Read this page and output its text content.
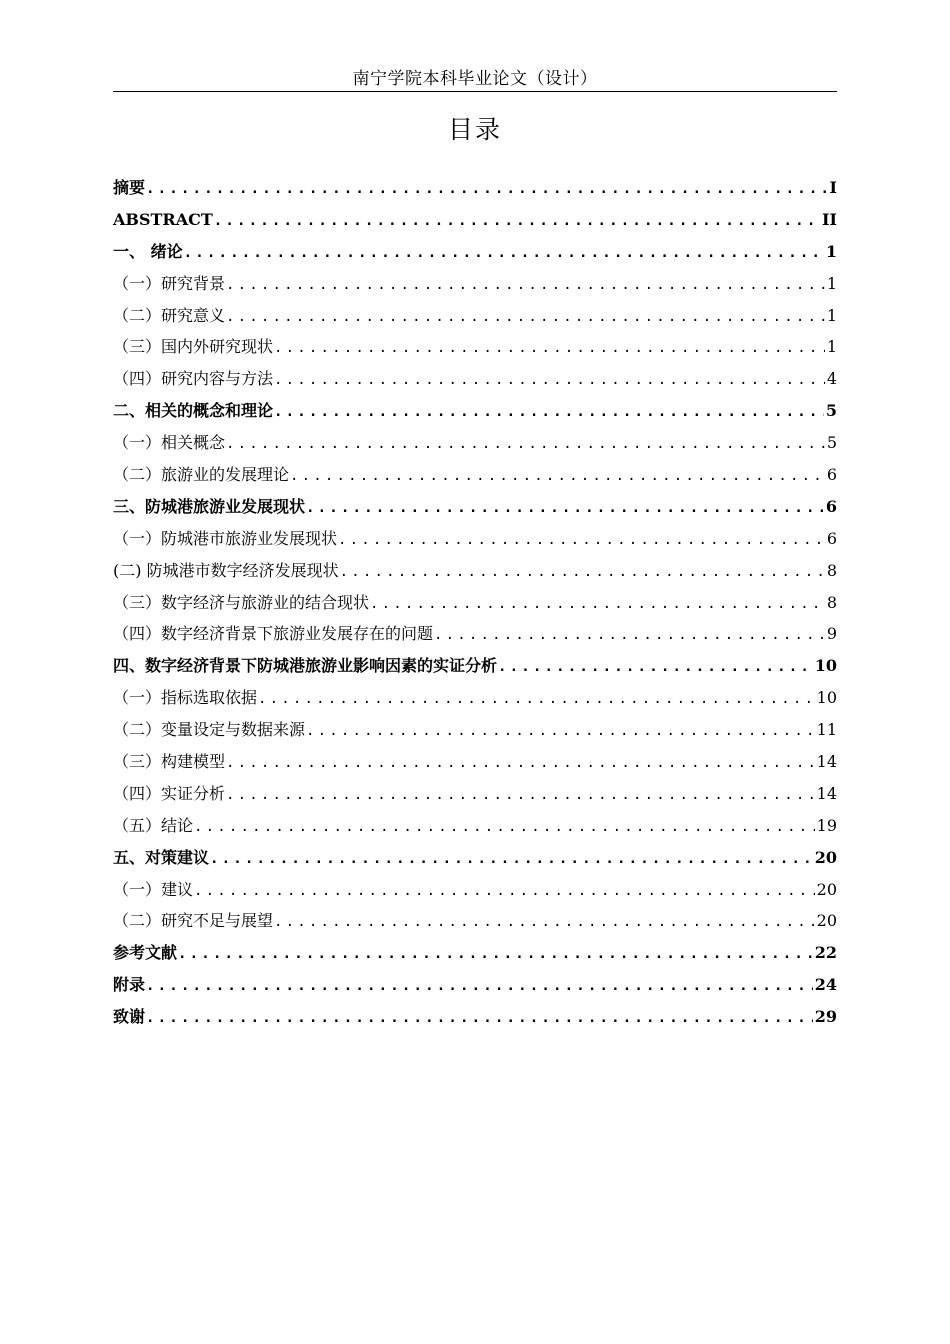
南宁学院本科毕业论文（设计）
目录
摘要 .....	I
ABSTRACT .....	II
一、 绪论 .....	1
（一）研究背景 .....	1
（二）研究意义 .....	1
（三）国内外研究现状 .....	1
（四）研究内容与方法 .....	4
二、相关的概念和理论 .....	5
（一）相关概念 .....	5
（二）旅游业的发展理论 .....	6
三、防城港旅游业发展现状 .....	6
（一）防城港市旅游业发展现状 .....	6
(二) 防城港市数字经济发展现状 .....	8
（三）数字经济与旅游业的结合现状 .....	8
（四）数字经济背景下旅游业发展存在的问题 .....	9
四、数字经济背景下防城港旅游业影响因素的实证分析 .....	10
（一）指标选取依据 .....	10
（二）变量设定与数据来源 .....	11
（三）构建模型 .....	14
（四）实证分析 .....	14
（五）结论 .....	19
五、对策建议 .....	20
（一）建议 .....	20
（二）研究不足与展望 .....	20
参考文献 .....	22
附录 .....	24
致谢 .....	29
